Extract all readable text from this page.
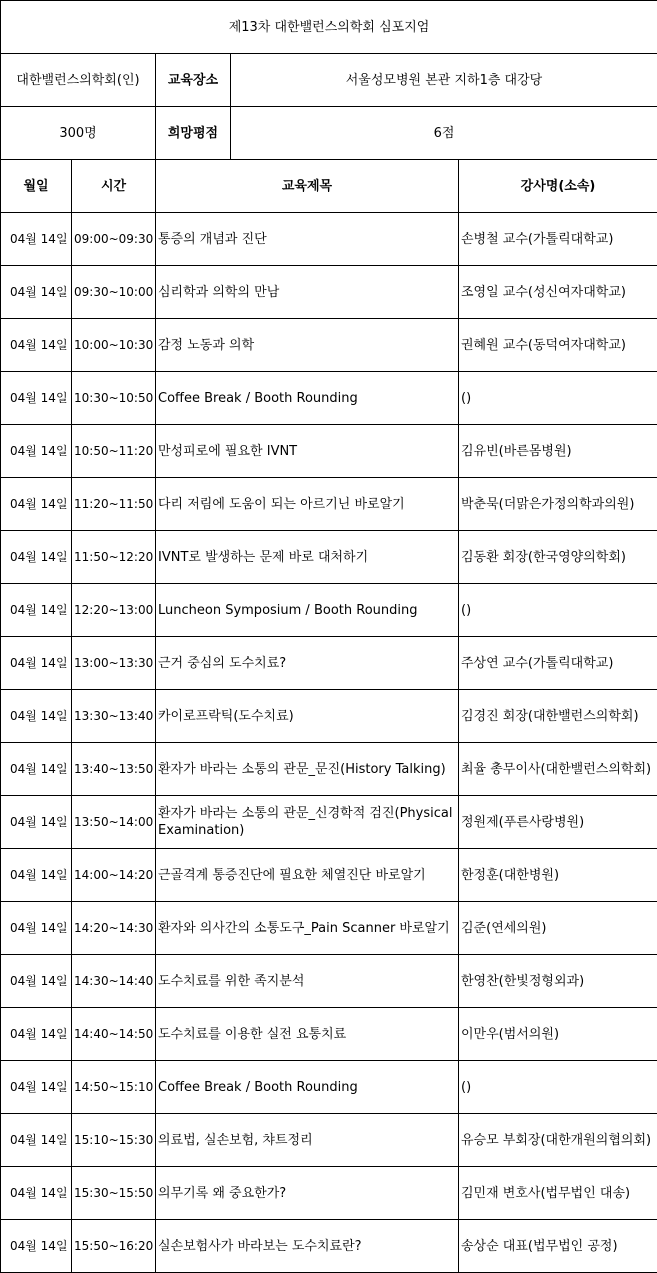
제13차 대한밸런스의학회 심포지엄				
대한밸런스의학회(인)		교육장소	서울성모병원 본관 지하1층 대강당	
300명		희망평점	6점	
월일	시간	교육제목		강사명(소속)
04월 14일	09:00~09:30	통증의 개념과 진단		손병철 교수(가톨릭대학교)
04월 14일	09:30~10:00	심리학과 의학의 만남		조영일 교수(성신여자대학교)
04월 14일	10:00~10:30	감정 노동과 의학		권혜원 교수(동덕여자대학교)
04월 14일	10:30~10:50	Coffee Break / Booth Rounding		()
04월 14일	10:50~11:20	만성피로에 필요한 IVNT		김유빈(바른몸병원)
04월 14일	11:20~11:50	다리 저림에 도움이 되는 아르기닌 바로알기		박춘묵(더맑은가정의학과의원)
04월 14일	11:50~12:20	IVNT로 발생하는 문제 바로 대처하기		김동환 회장(한국영양의학회)
04월 14일	12:20~13:00	Luncheon Symposium / Booth Rounding		()
04월 14일	13:00~13:30	근거 중심의 도수치료?		주상연 교수(가톨릭대학교)
04월 14일	13:30~13:40	카이로프락틱(도수치료)		김경진 회장(대한밸런스의학회)
04월 14일	13:40~13:50	환자가 바라는 소통의 관문_문진(History Talking)		최율 총무이사(대한밸런스의학회)
04월 14일	13:50~14:00	환자가 바라는 소통의 관문_신경학적 검진(Physical Examination)		정원제(푸른사랑병원)
04월 14일	14:00~14:20	근골격계 통증진단에 필요한 체열진단 바로알기		한정훈(대한병원)
04월 14일	14:20~14:30	환자와 의사간의 소통도구_Pain Scanner 바로알기		김준(연세의원)
04월 14일	14:30~14:40	도수치료를 위한 족지분석		한영찬(한빛정형외과)
04월 14일	14:40~14:50	도수치료를 이용한 실전 요통치료		이만우(범서의원)
04월 14일	14:50~15:10	Coffee Break / Booth Rounding		()
04월 14일	15:10~15:30	의료법, 실손보험, 챠트정리		유승모 부회장(대한개원의협의회)
04월 14일	15:30~15:50	의무기록 왜 중요한가?		김민재 변호사(법무법인 대송)
04월 14일	15:50~16:20	실손보험사가 바라보는 도수치료란?		송상순 대표(법무법인 공정)
